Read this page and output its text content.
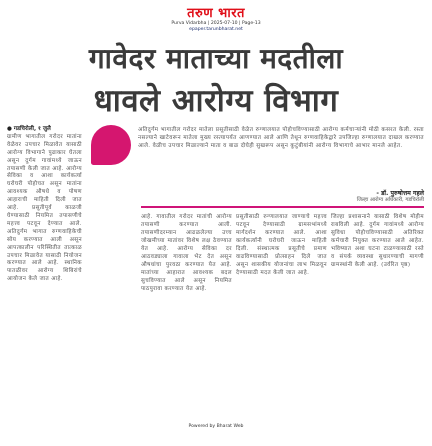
तरुण भारत
Purva Vidarbha | 2025-07-10 | Page-13
epaper.tarunbharat.net
गावेदर माताच्या मदतीला
धावले आरोग्य विभाग
● गडचिरोली, १ जुलै
ग्रामीण भागातील गरोदर मातांना वेळेवर उपचार मिळावेत यासाठी आरोग्य विभागाने पुढाकार घेतला असून दुर्गम गावांमध्ये जाऊन तपासणी केली जात आहे. आरोग्य सेविका व आशा कार्यकर्त्या घरोघरी पोहोचत असून मातांना आवश्यक औषधे व पोषण आहाराची माहिती दिली जात आहे. प्रसूतीपूर्व काळजी घेण्यासाठी नियमित तपासणीचे महत्त्व पटवून देण्यात आले. अतिदुर्गम भागात रुग्णवाहिकेची सोय करण्यात आली असून आपत्कालीन परिस्थितीत तात्काळ उपचार मिळावेत यासाठी नियोजन करण्यात आले आहे. स्थानिक पातळीवर आरोग्य शिबिरांचे आयोजन केले जात आहे.
अतिदुर्गम भागातील गरोदर मातेला प्रसूतीसाठी वेळेत रुग्णालयात पोहोचविण्यासाठी आरोग्य कर्मचाऱ्यांनी मोठी कसरत केली. रस्ता नसल्याने खाटेवरून मातेला मुख्य रस्त्यापर्यंत आणण्यात आले आणि तेथून रुग्णवाहिकेद्वारे उपजिल्हा रुग्णालयात दाखल करण्यात आले. वेळीच उपचार मिळाल्याने माता व बाळ दोघेही सुखरूप असून कुटुंबीयांनी आरोग्य विभागाचे आभार मानले आहेत.
- डॉ. पुरुषोत्तम गहले
जिल्हा आरोग्य अधिकारी, गडचिरोली
आहे. गावातील गरोदर मातांची आरोग्य तपासणी करण्यात आली. तपासणीदरम्यान आढळलेल्या उच्च जोखमीच्या मातांवर विशेष लक्ष ठेवण्यात येत आहे. आरोग्य सेविका दर आठवड्याला गावाला भेट देत असून औषधांचा पुरवठा करण्यात येत आहे. मातांच्या आहारात आवश्यक बदल सुचविण्यात आले असून नियमित पाठपुरावा करण्यात येत आहे.
प्रसूतीसाठी रुग्णालयात जाण्याचे महत्त्व पटवून देण्यासाठी ग्रामसभांमध्ये मार्गदर्शन करण्यात आले. आशा कार्यकर्त्यांनी घरोघरी जाऊन माहिती दिली. संस्थात्मक प्रसूतीचे प्रमाण वाढविण्यासाठी प्रोत्साहन दिले जात असून शासकीय योजनांचा लाभ मिळवून देण्यासाठी मदत केली जात आहे.
जिल्हा प्रशासनाने यासाठी विशेष मोहीम राबविली आहे. दुर्गम गावांमध्ये आरोग्य सुविधा पोहोचविण्यासाठी अतिरिक्त कर्मचारी नियुक्त करण्यात आले आहेत. भविष्यात अशा घटना टाळण्यासाठी रस्ते व संपर्क व्यवस्था सुधारण्याची मागणी ग्रामस्थांनी केली आहे. (उर्वरित पृष्ठ)
Powered by Bharat Web
